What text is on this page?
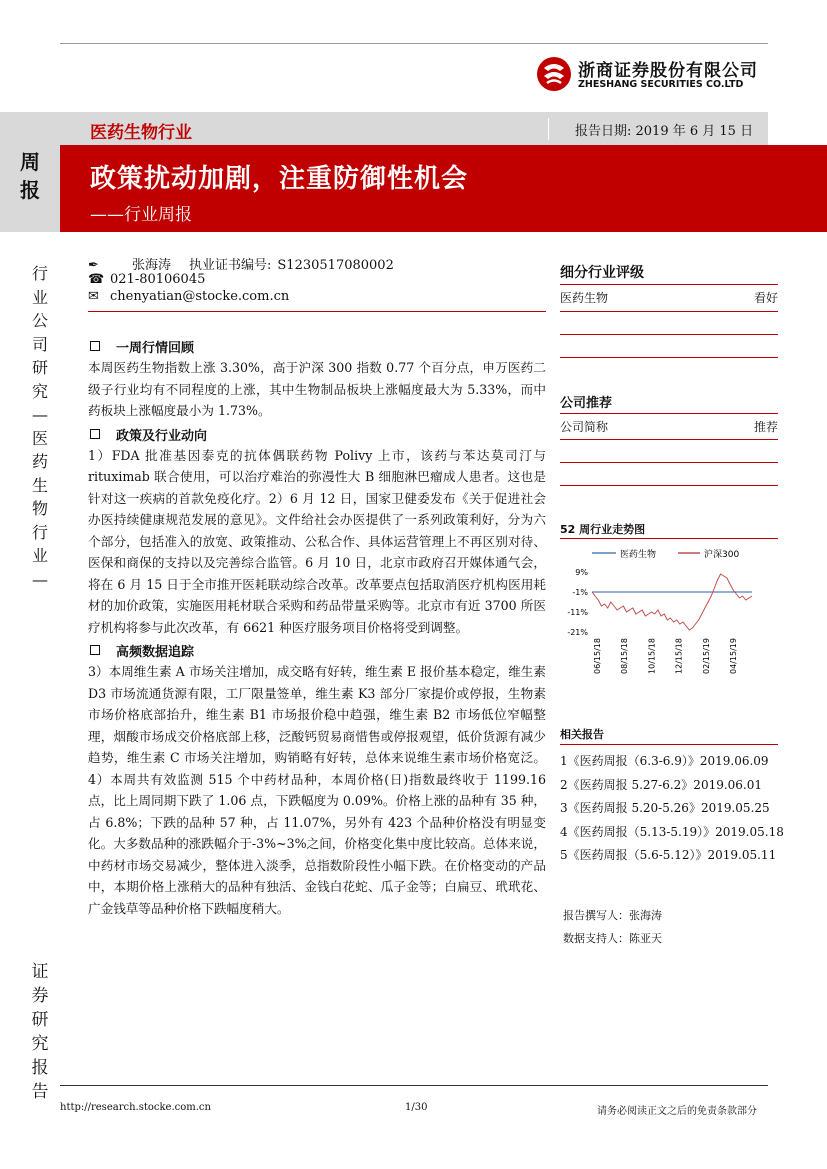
浙商证券股份有限公司
ZHESHANG SECURITIES CO.LTD
周报
医药生物行业	报告日期: 2019 年 6 月 15 日
政策扰动加剧，注重防御性机会
——行业周报
行业公司研究—医药生物行业—
证券研究报告
✒	张海涛 执业证书编号: S1230517080002
☎ 021-80106045
✉ chenyatian@stocke.com.cn
一周行情回顾

本周医药生物指数上涨 3.30%，高于沪深 300 指数 0.77 个百分点，申万医药二级子行业均有不同程度的上涨，其中生物制品板块上涨幅度最大为 5.33%，而中药板块上涨幅度最小为 1.73%。

政策及行业动向

1）FDA 批准基因泰克的抗体偶联药物 Polivy 上市，该药与苯达莫司汀与 rituximab 联合使用，可以治疗难治的弥漫性大 B 细胞淋巴瘤成人患者。这也是针对这一疾病的首款免疫化疗。2）6 月 12 日，国家卫健委发布《关于促进社会办医持续健康规范发展的意见》。文件给社会办医提供了一系列政策利好，分为六个部分，包括准入的放宽、政策推动、公私合作、具体运营管理上不再区别对待、医保和商保的支持以及完善综合监管。6 月 10 日，北京市政府召开媒体通气会，将在 6 月 15 日于全市推开医耗联动综合改革。改革要点包括取消医疗机构医用耗材的加价政策，实施医用耗材联合采购和药品带量采购等。北京市有近 3700 所医疗机构将参与此次改革，有 6621 种医疗服务项目价格将受到调整。

高频数据追踪

3）本周维生素 A 市场关注增加，成交略有好转，维生素 E 报价基本稳定，维生素 D3 市场流通货源有限，工厂限量签单，维生素 K3 部分厂家提价或停报，生物素市场价格底部抬升，维生素 B1 市场报价稳中趋强，维生素 B2 市场低位窄幅整理，烟酸市场成交价格底部上移，泛酸钙贸易商惜售或停报观望，低价货源有减少趋势，维生素 C 市场关注增加，购销略有好转，总体来说维生素市场价格宽泛。4）本周共有效监测 515 个中药材品种，本周价格(日)指数最终收于 1199.16 点，比上周同期下跌了 1.06 点，下跌幅度为 0.09%。价格上涨的品种有 35 种，占 6.8%；下跌的品种 57 种，占 11.07%，另外有 423 个品种价格没有明显变化。大多数品种的涨跌幅介于-3%~3%之间，价格变化集中度比较高。总体来说，中药材市场交易减少，整体进入淡季，总指数阶段性小幅下跌。在价格变动的产品中，本期价格上涨稍大的品种有独活、金钱白花蛇、瓜子金等；白扁豆、玳玳花、广金钱草等品种价格下跌幅度稍大。

细分行业评级
医药生物	看好
公司推荐
公司简称	推荐
52 周行业走势图
医药生物	沪深300
9%
-1%
-11%
-21%
06/15/18 08/15/18 10/15/18 12/15/18 02/15/19 04/15/19
相关报告
1《医药周报（6.3-6.9）》2019.06.09
2《医药周报 5.27-6.2》2019.06.01
3《医药周报 5.20-5.26》2019.05.25
4《医药周报（5.13-5.19）》2019.05.18
5《医药周报（5.6-5.12）》2019.05.11
报告撰写人：张海涛
数据支持人：陈亚天
http://research.stocke.com.cn	1/30	请务必阅读正文之后的免责条款部分
